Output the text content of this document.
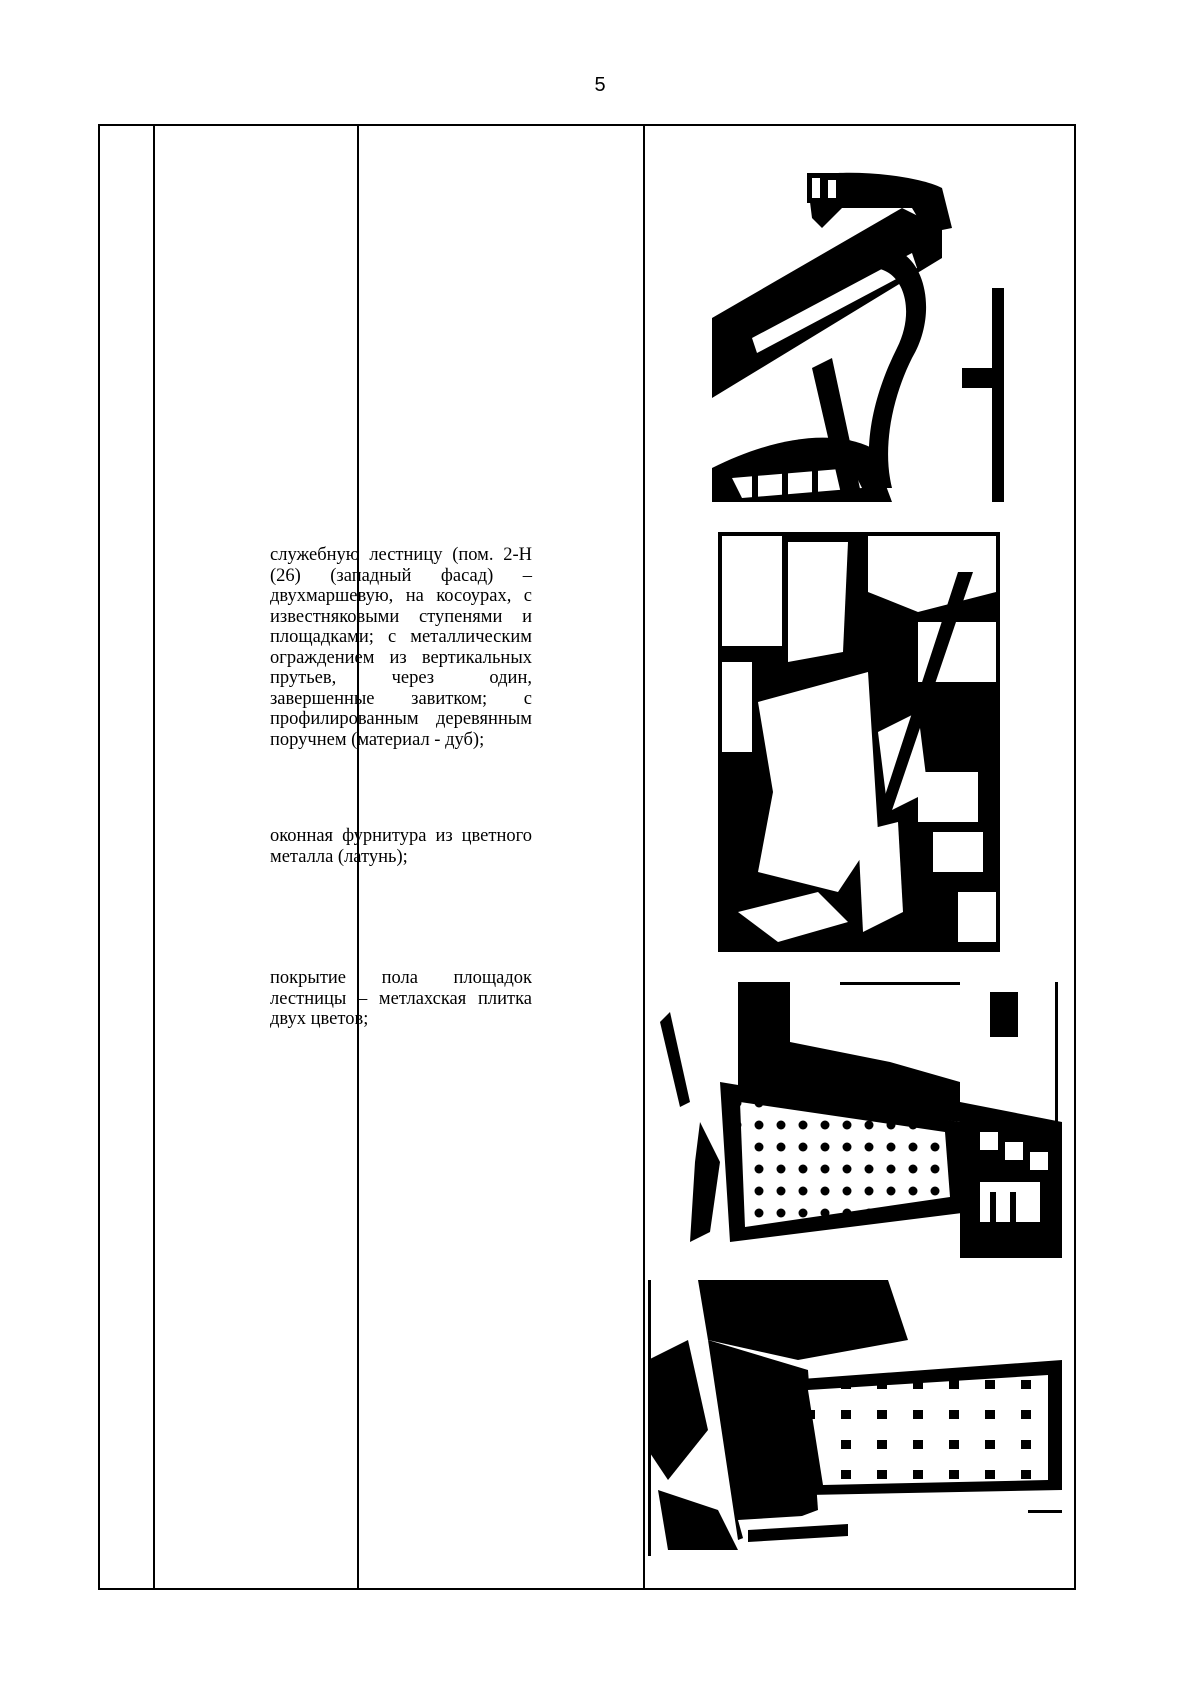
5

служебную лестницу (пом. 2-Н (26) (западный фасад) – двухмаршевую, на косоурах, с известняковыми ступенями и площадками; с металлическим ограждением из вертикальных прутьев, через один, завершенные завитком; с профилированным деревянным поручнем (материал - дуб);

оконная фурнитура из цветного металла (латунь);

покрытие пола площадок лестницы – метлахская плитка двух цветов;
